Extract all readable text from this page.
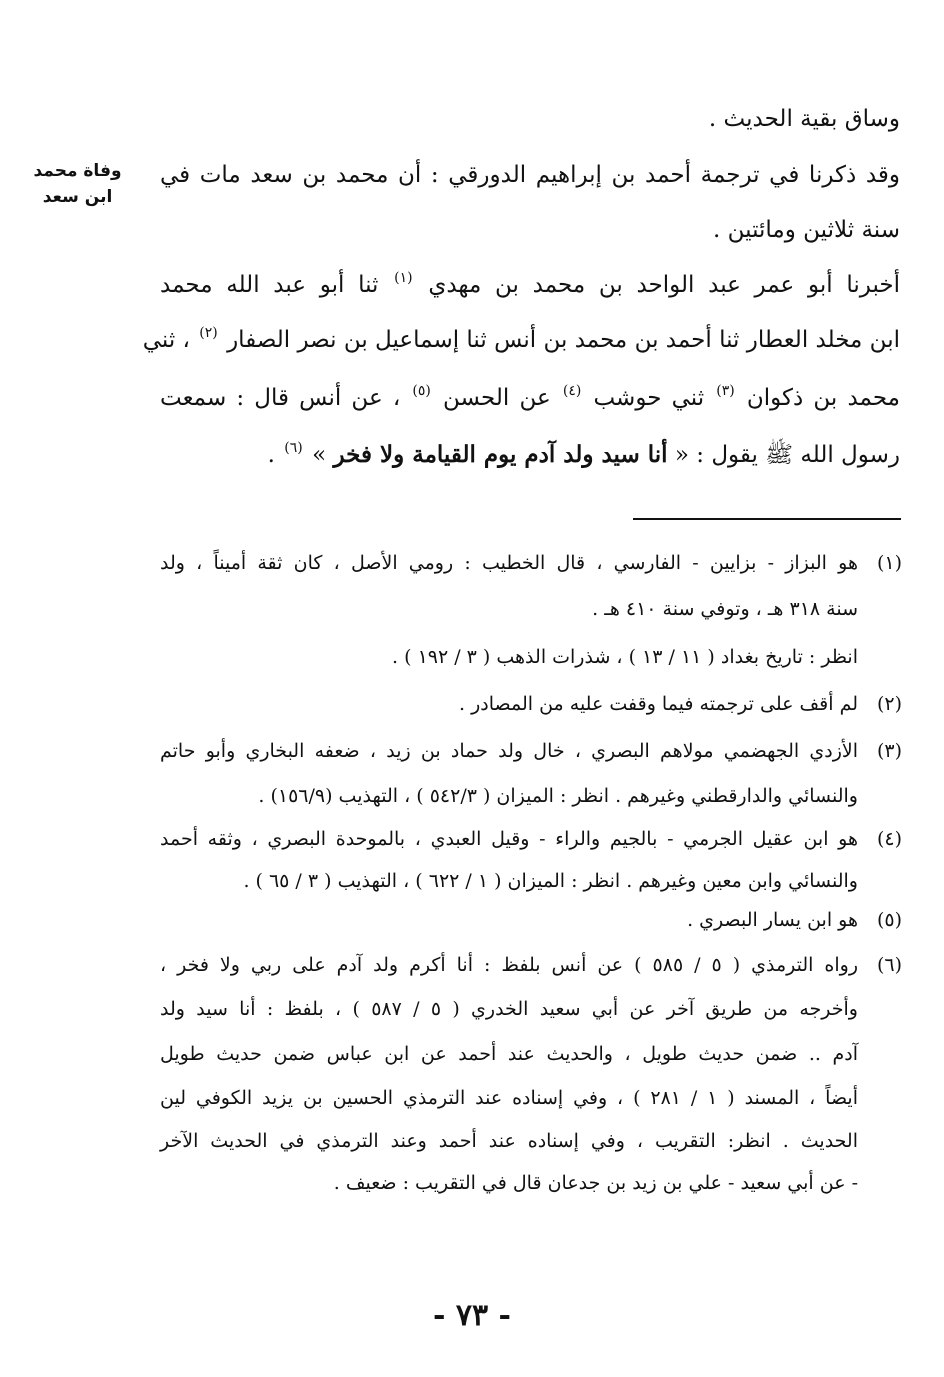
وفاة محمد
ابن سعد
وساق بقية الحديث .
وقد ذكرنا في ترجمة أحمد بن إبراهيم الدورقي : أن محمد بن سعد مات في
سنة ثلاثين ومائتين .
أخبرنا أبو عمر عبد الواحد بن محمد بن مهدي $^{(١)}$ ثنا أبو عبد الله محمد
ابن مخلد العطار ثنا أحمد بن محمد بن أنس ثنا إسماعيل بن نصر الصفار $^{(٢)}$ ، ثني
محمد بن ذكوان $^{(٣)}$ ثني حوشب $^{(٤)}$ عن الحسن $^{(٥)}$ ، عن أنس قال : سمعت
رسول الله ﷺ يقول : « أنا سيد ولد آدم يوم القيامة ولا فخر » $^{(٦)}$ .
(١)
هو البزاز - بزايين - الفارسي ، قال الخطيب : رومي الأصل ، كان ثقة أميناً ، ولد
سنة ٣١٨ هـ ، وتوفي سنة ٤١٠ هـ .
انظر : تاريخ بغداد ( ١١ / ١٣ ) ، شذرات الذهب ( ٣ / ١٩٢ ) .
(٢)
لم أقف على ترجمته فيما وقفت عليه من المصادر .
(٣)
الأزدي الجهضمي مولاهم البصري ، خال ولد حماد بن زيد ، ضعفه البخاري وأبو حاتم
والنسائي والدارقطني وغيرهم . انظر : الميزان ( ٥٤٢/٣ ) ، التهذيب (١٥٦/٩) .
(٤)
هو ابن عقيل الجرمي - بالجيم والراء - وقيل العبدي ، بالموحدة البصري ، وثقه أحمد
والنسائي وابن معين وغيرهم . انظر : الميزان ( ١ / ٦٢٢ ) ، التهذيب ( ٣ / ٦٥ ) .
(٥)
هو ابن يسار البصري .
(٦)
رواه الترمذي ( ٥ / ٥٨٥ ) عن أنس بلفظ : أنا أكرم ولد آدم على ربي ولا فخر ،
وأخرجه من طريق آخر عن أبي سعيد الخدري ( ٥ / ٥٨٧ ) ، بلفظ : أنا سيد ولد
آدم .. ضمن حديث طويل ، والحديث عند أحمد عن ابن عباس ضمن حديث طويل
أيضاً ، المسند ( ١ / ٢٨١ ) ، وفي إسناده عند الترمذي الحسين بن يزيد الكوفي لين
الحديث . انظر: التقريب ، وفي إسناده عند أحمد وعند الترمذي في الحديث الآخر
- عن أبي سعيد - علي بن زيد بن جدعان قال في التقريب : ضعيف .
- ٧٣ -
